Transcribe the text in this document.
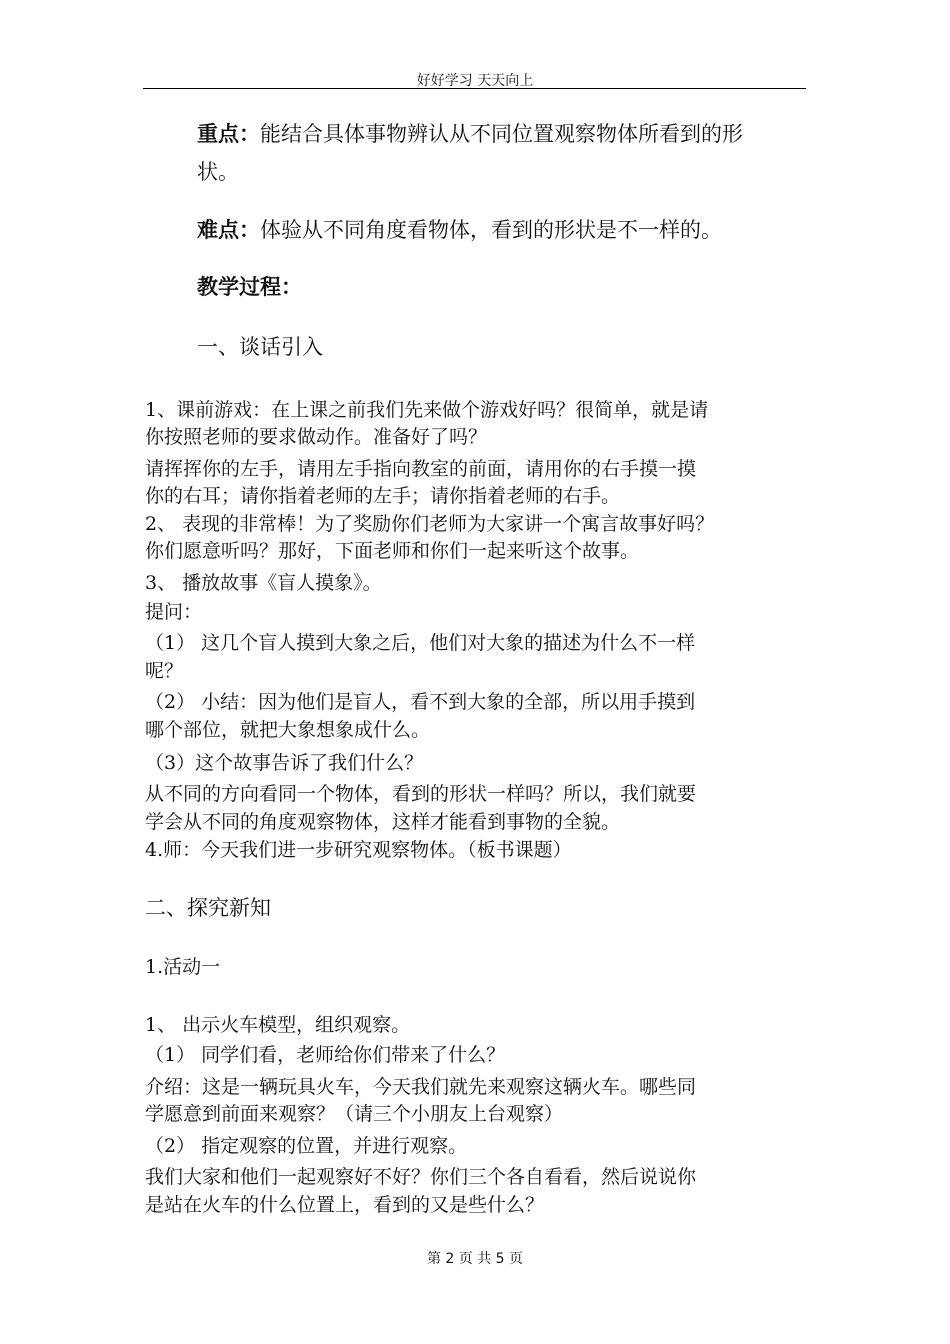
好好学习 天天向上
重点：能结合具体事物辨认从不同位置观察物体所看到的形
状。
难点：体验从不同角度看物体，看到的形状是不一样的。
教学过程：
一、谈话引入
1、课前游戏：在上课之前我们先来做个游戏好吗？很简单，就是请
你按照老师的要求做动作。准备好了吗？
请挥挥你的左手，请用左手指向教室的前面，请用你的右手摸一摸
你的右耳；请你指着老师的左手；请你指着老师的右手。
2、 表现的非常棒！为了奖励你们老师为大家讲一个寓言故事好吗？
你们愿意听吗？那好，下面老师和你们一起来听这个故事。
3、 播放故事《盲人摸象》。
提问：
（1） 这几个盲人摸到大象之后，他们对大象的描述为什么不一样
呢？
（2） 小结：因为他们是盲人，看不到大象的全部，所以用手摸到
哪个部位，就把大象想象成什么。
（3）这个故事告诉了我们什么？
从不同的方向看同一个物体，看到的形状一样吗？所以，我们就要
学会从不同的角度观察物体，这样才能看到事物的全貌。
4.师：今天我们进一步研究观察物体。（板书课题）
二、探究新知
1.活动一
1、 出示火车模型，组织观察。
（1） 同学们看，老师给你们带来了什么？
介绍：这是一辆玩具火车，今天我们就先来观察这辆火车。哪些同
学愿意到前面来观察？（请三个小朋友上台观察）
（2） 指定观察的位置，并进行观察。
我们大家和他们一起观察好不好？你们三个各自看看，然后说说你
是站在火车的什么位置上，看到的又是些什么？
第 2 页 共 5 页
